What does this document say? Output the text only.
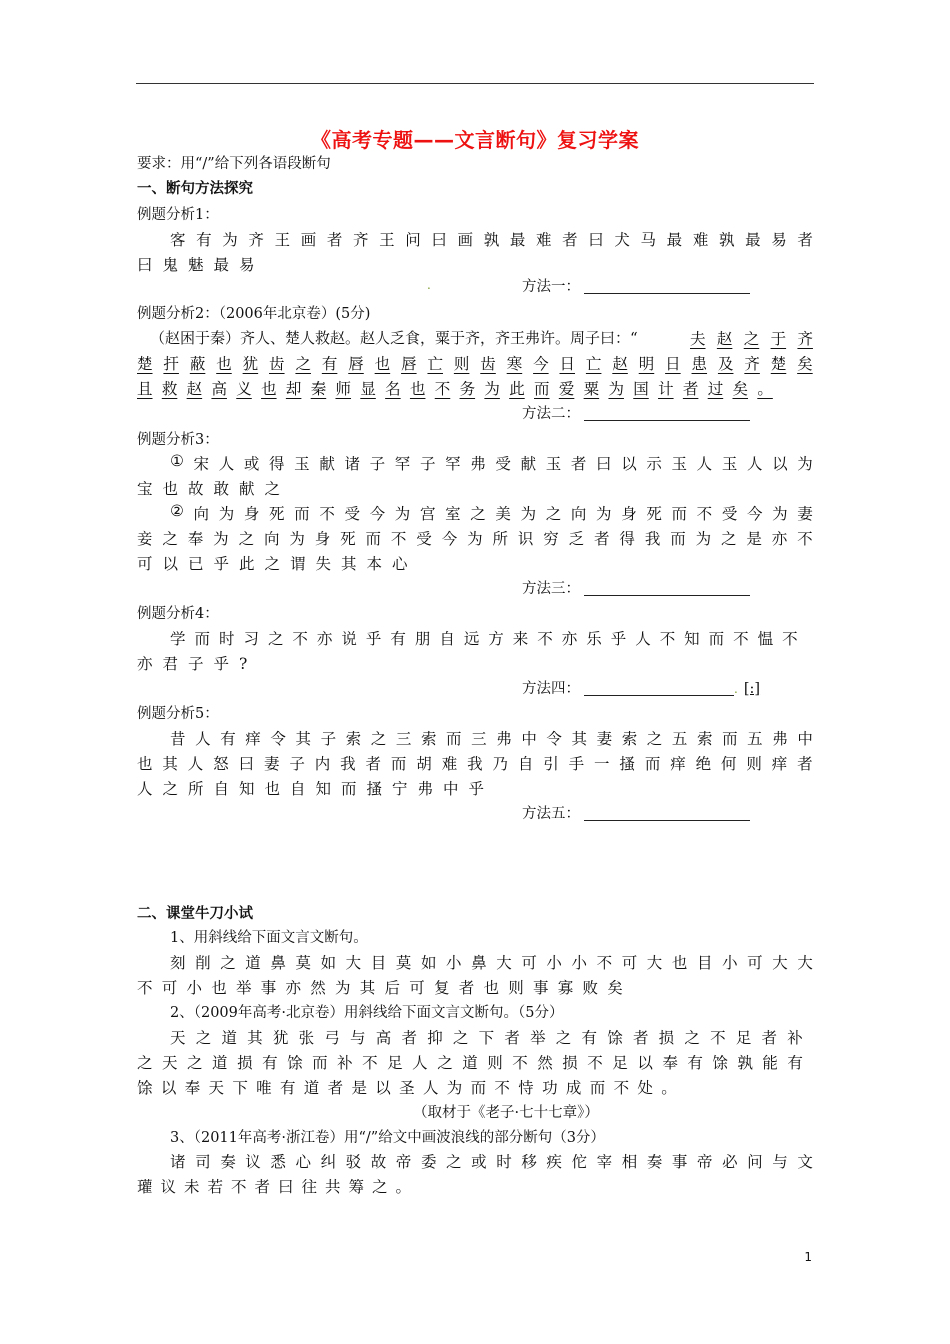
《高考专题——文言断句》复习学案
要求：用“/”给下列各语段断句
一、断句方法探究
例题分析1：
客 有 为 齐 王 画 者 齐 王 问 曰 画 孰 最 难 者 曰 犬 马 最 难 孰 最 易 者
曰鬼魅最易
.	方法一：
例题分析2：（2006年北京卷）(5分)
（赵困于秦）齐人、楚人救赵。赵人乏食，粟于齐，齐王弗许。周子曰：“	夫 赵 之 于 齐
楚 扞 蔽 也 犹 齿 之 有 唇 也 唇 亡 则 齿 寒 今 日 亡 赵 明 日 患 及 齐 楚 矣
且 救 赵 高 义 也 却 秦 师 显 名 也 不 务 为 此 而 爱 粟 为 国 计 者 过 矣 。
方法二：
例题分析3：
① 宋 人 或 得 玉 献 诸 子 罕 子 罕 弗 受 献 玉 者 曰 以 示 玉 人 玉 人 以 为
宝也故敢献之
② 向 为 身 死 而 不 受 今 为 宫 室 之 美 为 之 向 为 身 死 而 不 受 今 为 妻
妾 之 奉 为 之 向 为 身 死 而 不 受 今 为 所 识 穷 乏 者 得 我 而 为 之 是 亦 不
可以已乎此之谓失其本心
方法三：
例题分析4：
学 而 时 习 之 不 亦 说 乎 有 朋 自 远 方 来 不 亦 乐 乎 人 不 知 而 不 愠 不
亦君子乎?
方法四：	. [:]
例题分析5：
昔 人 有 痒 令 其 子 索 之 三 索 而 三 弗 中 令 其 妻 索 之 五 索 而 五 弗 中
也 其 人 怒 曰 妻 子 内 我 者 而 胡 难 我 乃 自 引 手 一 搔 而 痒 绝 何 则 痒 者
人之所自知也自知而搔宁弗中乎
方法五：
二、课堂牛刀小试
1、用斜线给下面文言文断句。
刻 削 之 道 鼻 莫 如 大 目 莫 如 小 鼻 大 可 小 小 不 可 大 也 目 小 可 大 大
不 可 小 也 举 事 亦 然 为 其 后 可 复 者 也 则 事 寡 败 矣
2、（2009年高考·北京卷）用斜线给下面文言文断句。（5分）
天 之 道 其 犹 张 弓 与 高 者 抑 之 下 者 举 之 有 馀 者 损 之 不 足 者 补
之 天 之 道 损 有 馀 而 补 不 足 人 之 道 则 不 然 损 不 足 以 奉 有 馀 孰 能 有
馀 以 奉 天 下 唯 有 道 者 是 以 圣 人 为 而 不 恃 功 成 而 不 处 。
（取材于《老子·七十七章》）
3、（2011年高考·浙江卷）用“/”给文中画波浪线的部分断句（3分）
诸 司 奏 议 悉 心 纠 驳 故 帝 委 之 或 时 移 疾 佗 宰 相 奏 事 帝 必 问 与 文
瓘议未若不者曰往共筹之。
1
